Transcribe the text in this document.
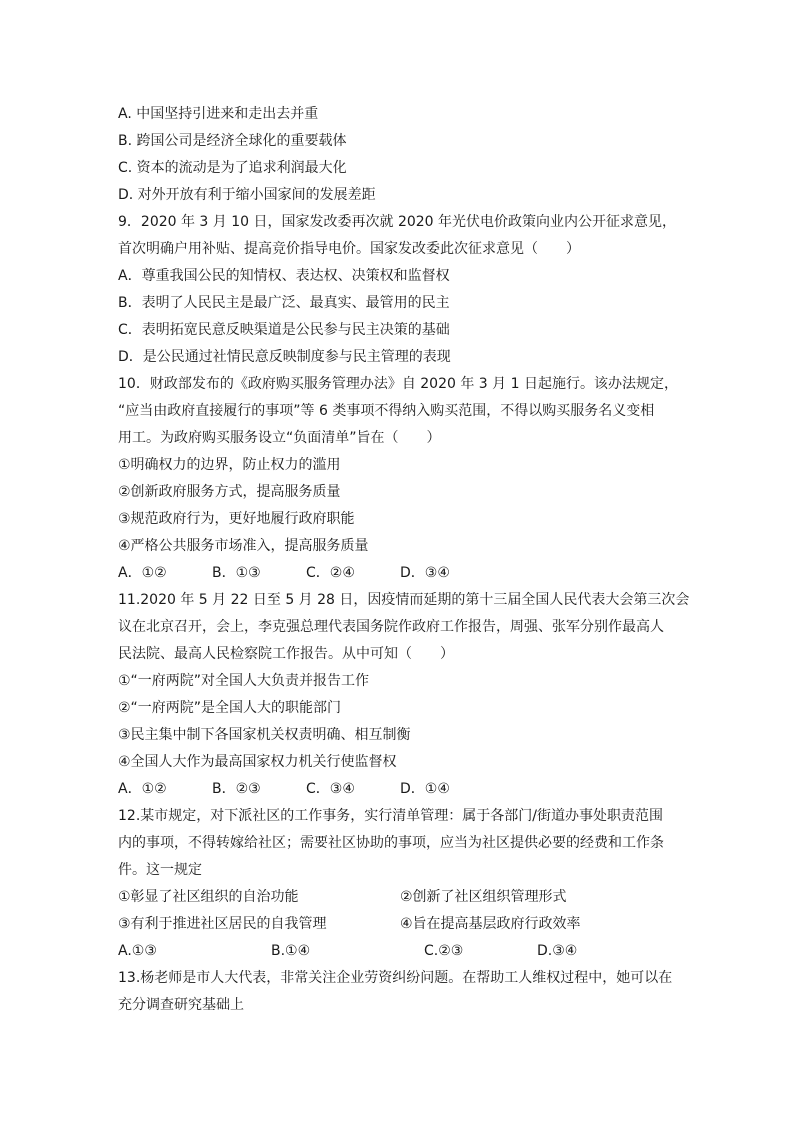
A. 中国坚持引进来和走出去并重
B. 跨国公司是经济全球化的重要载体
C. 资本的流动是为了追求利润最大化
D. 对外开放有利于缩小国家间的发展差距
9．2020 年 3 月 10 日，国家发改委再次就 2020 年光伏电价政策向业内公开征求意见，
首次明确户用补贴、提高竞价指导电价。国家发改委此次征求意见（　　）
A．尊重我国公民的知情权、表达权、决策权和监督权
B．表明了人民民主是最广泛、最真实、最管用的民主
C．表明拓宽民意反映渠道是公民参与民主决策的基础
D．是公民通过社情民意反映制度参与民主管理的表现
10．财政部发布的《政府购买服务管理办法》自 2020 年 3 月 1 日起施行。该办法规定，
“应当由政府直接履行的事项”等 6 类事项不得纳入购买范围，不得以购买服务名义变相
用工。为政府购买服务设立“负面清单”旨在（　　）
①明确权力的边界，防止权力的滥用
②创新政府服务方式，提高服务质量
③规范政府行为，更好地履行政府职能
④严格公共服务市场准入，提高服务质量
A．①②	B．①③	C．②④	D．③④
11.2020 年 5 月 22 日至 5 月 28 日，因疫情而延期的第十三届全国人民代表大会第三次会
议在北京召开，会上，李克强总理代表国务院作政府工作报告，周强、张军分别作最高人
民法院、最高人民检察院工作报告。从中可知（　　）
①“一府两院”对全国人大负责并报告工作
②“一府两院”是全国人大的职能部门
③民主集中制下各国家机关权责明确、相互制衡
④全国人大作为最高国家权力机关行使监督权
A．①②	B．②③	C．③④	D．①④
12.某市规定，对下派社区的工作事务，实行清单管理：属于各部门/街道办事处职责范围
内的事项，不得转嫁给社区；需要社区协助的事项，应当为社区提供必要的经费和工作条
件。这一规定
①彰显了社区组织的自治功能	②创新了社区组织管理形式
③有利于推进社区居民的自我管理	④旨在提高基层政府行政效率
A.①③	B.①④	C.②③	D.③④
13.杨老师是市人大代表，非常关注企业劳资纠纷问题。在帮助工人维权过程中，她可以在
充分调查研究基础上
